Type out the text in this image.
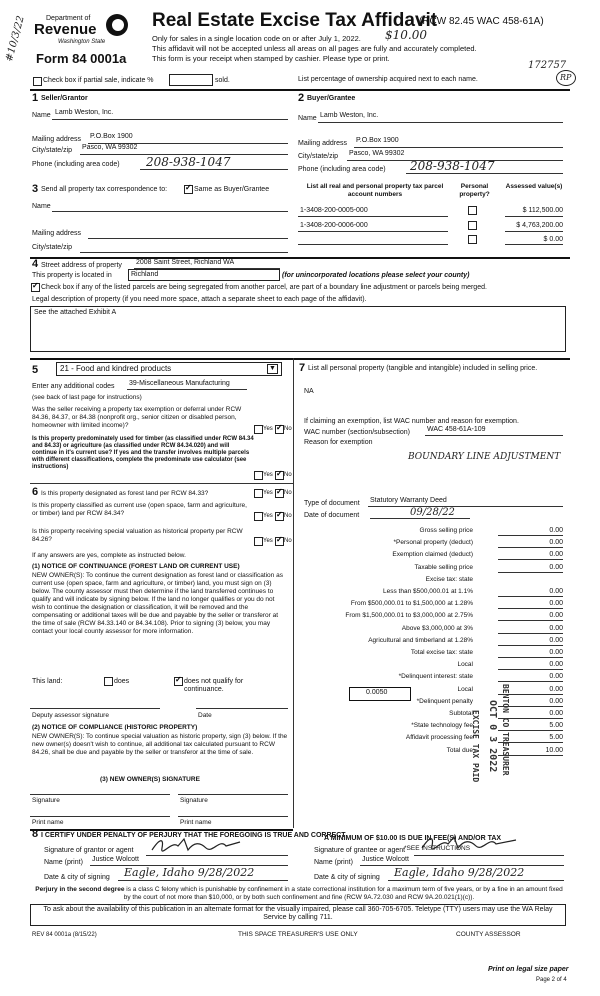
Department of
Revenue
Washington State
Form 84 0001a
#10/3/22	Real Estate Excise Tax Affidavit
(RCW 82.45 WAC 458-61A)
Only for sales in a single location code on or after July 1, 2022. $10.00
This affidavit will not be accepted unless all areas on all pages are fully and accurately completed.
This form is your receipt when stamped by cashier. Please type or print.
172757
RP
Check box if partial sale, indicate %	sold.	List percentage of ownership acquired next to each name.
1 Seller/Grantor
Name Lamb Weston, Inc.
Mailing address P.O.Box 1900
City/state/zip Pasco, WA 99302
Phone (including area code) 208-938-1047
2 Buyer/Grantee
Name Lamb Weston, Inc.
Mailing address P.O.Box 1900
City/state/zip Pasco, WA 99302
Phone (including area code) 208-938-1047
3 Send all property tax correspondence to: ✓	Same as Buyer/Grantee
Name
Mailing address
City/state/zip
List all real and personal property tax parcel account numbers
Personal property?
Assessed value(s)
1-3408-200-0005-000	$ 112,500.00
1-3408-200-0006-000	$ 4,763,200.00
$ 0.00
4 Street address of property 2008 Saint Street, Richland WA
This property is located in	Richland	(for unincorporated locations please select your county)
✓
Check box if any of the listed parcels are being segregated from another parcel, are part of a boundary line adjustment or parcels being merged.
Legal description of property (if you need more space, attach a separate sheet to each page of the affidavit).
See the attached Exhibit A
5	21 - Food and kindred products	▼
Enter any additional codes 39-Miscellaneous Manufacturing
(see back of last page for instructions)
Was the seller receiving a property tax exemption or deferral under RCW 84.36, 84.37, or 84.38 (nonprofit org., senior citizen or disabled person, homeowner with limited income)?	Yes ✓ No
Is this property predominately used for timber (as classified under RCW 84.34 and 84.33) or agriculture (as classified under RCW 84.34.020) and will continue in it's current use? If yes and the transfer involves multiple parcels with different classifications, complete the predominate use calculator (see instructions)
Yes ✓ No
6 Is this property designated as forest land per RCW 84.33?	Yes ✓ No
Is this property classified as current use (open space, farm and agriculture, or timber) land per RCW 84.34?	Yes ✓ No
Is this property receiving special valuation as historical property per RCW 84.26?	Yes ✓ No
If any answers are yes, complete as instructed below.
(1) NOTICE OF CONTINUANCE (FOREST LAND OR CURRENT USE)
NEW OWNER(S): To continue the current designation as forest land or classification as current use (open space, farm and agriculture, or timber) land, you must sign on (3) below. The county assessor must then determine if the land transferred continues to qualify and will indicate by signing below. If the land no longer qualifies or you do not wish to continue the designation or classification, it will be removed and the compensating or additional taxes will be due and payable by the seller or transferor at the time of sale (RCW 84.33.140 or 84.34.108). Prior to signing (3) below, you may contact your local county assessor for more information.
This land:	does ✓	does not qualify for continuance.
Deputy assessor signature	Date
(2) NOTICE OF COMPLIANCE (HISTORIC PROPERTY)
NEW OWNER(S): To continue special valuation as historic property, sign (3) below. If the new owner(s) doesn't wish to continue, all additional tax calculated pursuant to RCW 84.26, shall be due and payable by the seller or transferor at the time of sale.
(3) NEW OWNER(S) SIGNATURE
Signature	Signature
Print name	Print name
7 List all personal property (tangible and intangible) included in selling price.
NA
If claiming an exemption, list WAC number and reason for exemption.
WAC number (section/subsection) WAC 458-61A-109
Reason for exemption
BOUNDARY LINE ADJUSTMENT
Type of document Statutory Warranty Deed
Date of document	09/28/22
Gross selling price	0.00
*Personal property (deduct)	0.00
Exemption claimed (deduct)	0.00
Taxable selling price	0.00
Excise tax: state
Less than $500,000.01 at 1.1%	0.00
From $500,000.01 to $1,500,000 at 1.28%	0.00
From $1,500,000.01 to $3,000,000 at 2.75%	0.00
Above $3,000,000 at 3%	0.00
Agricultural and timberland at 1.28%	0.00
Total excise tax: state	0.00
Local	0.00
*Delinquent interest: state	0.00
Local	0.00
*Delinquent penalty	0.00
Subtotal	0.00
*State technology fee	5.00
Affidavit processing fee	5.00
Total due	10.00
0.0050
EXCISE TAX PAID OCT 0 3 2022 BENTON CO TREASURER
A MINIMUM OF $10.00 IS DUE IN FEE(S) AND/OR TAX
*SEE INSTRUCTIONS
8 I CERTIFY UNDER PENALTY OF PERJURY THAT THE FOREGOING IS TRUE AND CORRECT
Signature of grantor or agent
Name (print) Justice Wolcott
Date & city of signing Eagle, Idaho 9/28/2022
Signature of grantee or agent
Name (print) Justice Wolcott
Date & city of signing Eagle, Idaho 9/28/2022
Perjury in the second degree is a class C felony which is punishable by confinement in a state correctional institution for a maximum term of five years, or by a fine in an amount fixed by the court of not more than $10,000, or by both such confinement and fine (RCW 9A.72.030 and RCW 9A.20.021(1)(c)).
To ask about the availability of this publication in an alternate format for the visually impaired, please call 360-705-6705. Teletype (TTY) users may use the WA Relay Service by calling 711.
REV 84 0001a (8/15/22)	THIS SPACE TREASURER'S USE ONLY	COUNTY ASSESSOR
Print on legal size paper
Page 2 of 4
